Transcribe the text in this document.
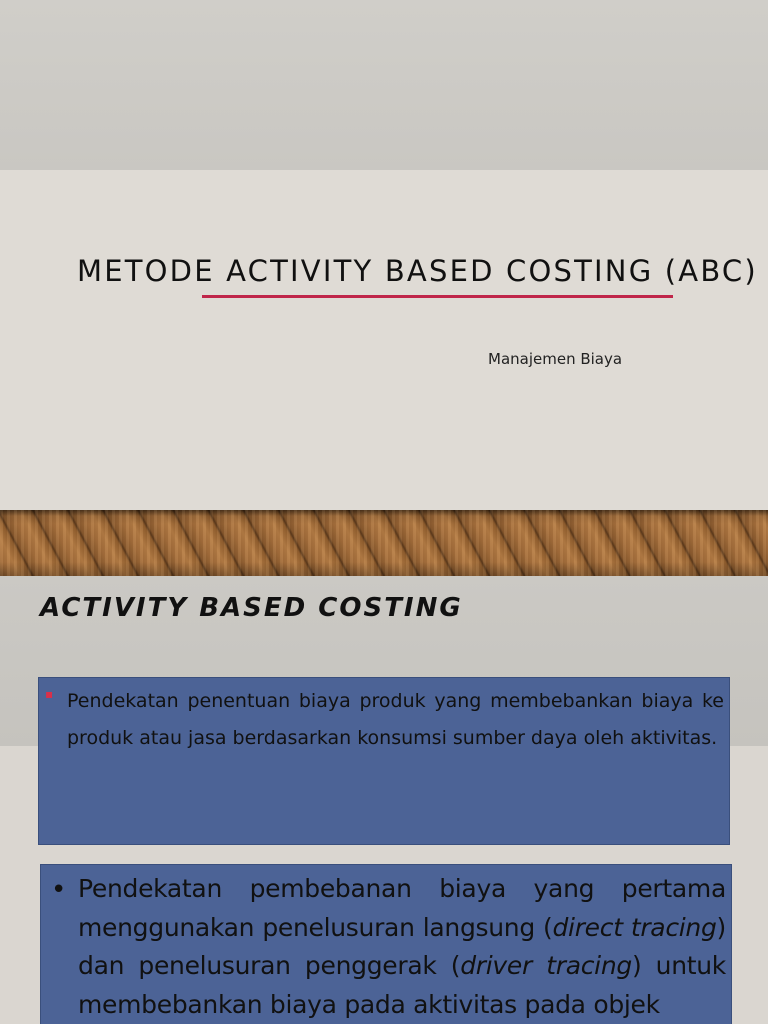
METODE ACTIVITY BASED COSTING (ABC)
Manajemen Biaya
ACTIVITY BASED COSTING
▪ Pendekatan penentuan biaya produk yang membebankan biaya ke produk atau jasa berdasarkan konsumsi sumber daya oleh aktivitas.

• Pendekatan pembebanan biaya yang pertama menggunakan penelusuran langsung (direct tracing) dan penelusuran penggerak (driver tracing) untuk membebankan biaya pada aktivitas pada objek
